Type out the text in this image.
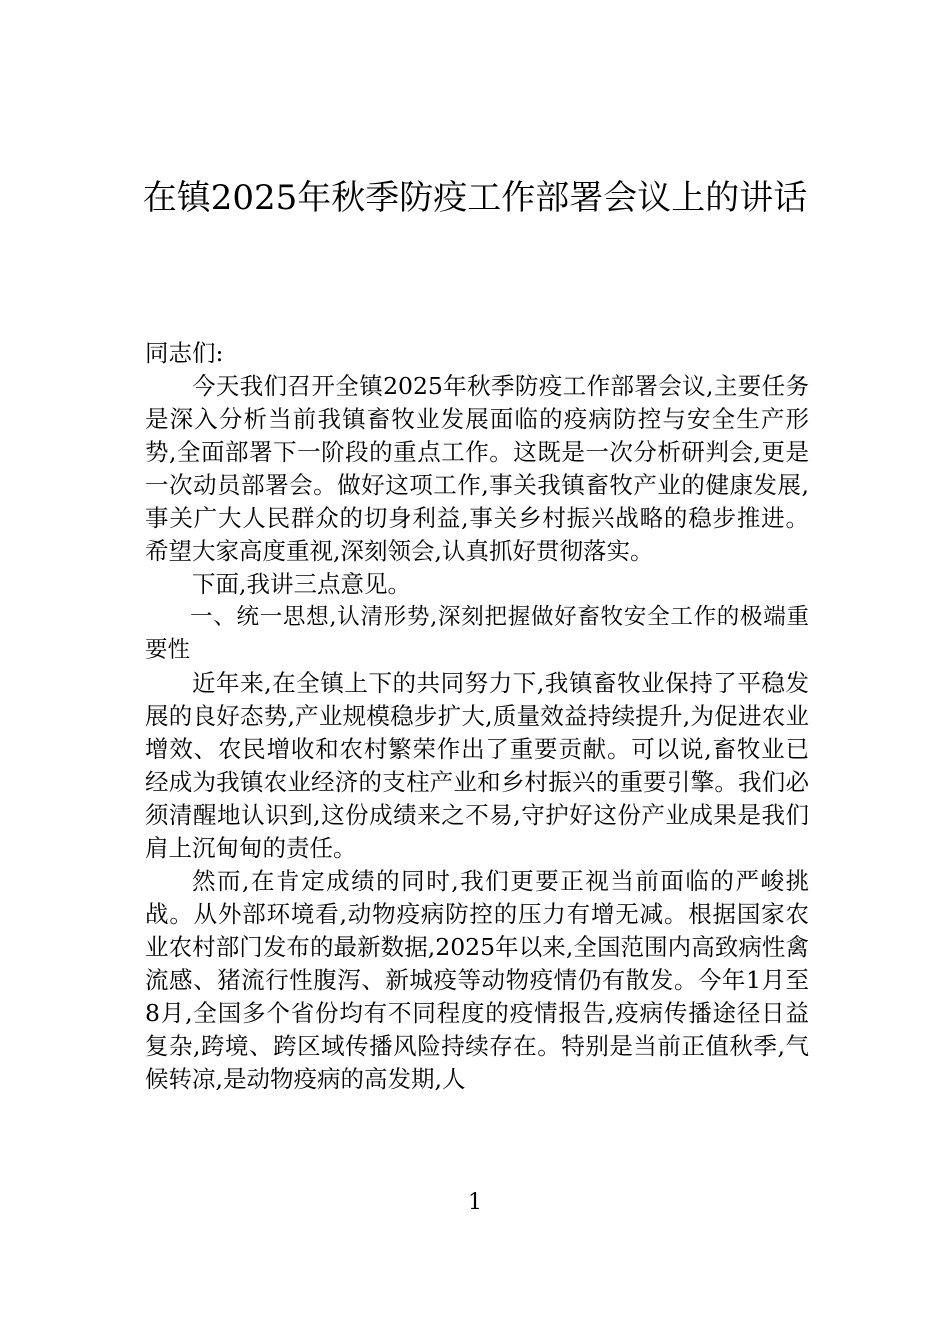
在镇2025年秋季防疫工作部署会议上的讲话

同志们:

今天我们召开全镇2025年秋季防疫工作部署会议,主要任务是深入分析当前我镇畜牧业发展面临的疫病防控与安全生产形势,全面部署下一阶段的重点工作。这既是一次分析研判会,更是一次动员部署会。做好这项工作,事关我镇畜牧产业的健康发展,事关广大人民群众的切身利益,事关乡村振兴战略的稳步推进。希望大家高度重视,深刻领会,认真抓好贯彻落实。

下面,我讲三点意见。

一、统一思想,认清形势,深刻把握做好畜牧安全工作的极端重要性

近年来,在全镇上下的共同努力下,我镇畜牧业保持了平稳发展的良好态势,产业规模稳步扩大,质量效益持续提升,为促进农业增效、农民增收和农村繁荣作出了重要贡献。可以说,畜牧业已经成为我镇农业经济的支柱产业和乡村振兴的重要引擎。我们必须清醒地认识到,这份成绩来之不易,守护好这份产业成果是我们肩上沉甸甸的责任。

然而,在肯定成绩的同时,我们更要正视当前面临的严峻挑战。从外部环境看,动物疫病防控的压力有增无减。根据国家农业农村部门发布的最新数据,2025年以来,全国范围内高致病性禽流感、猪流行性腹泻、新城疫等动物疫情仍有散发。今年1月至8月,全国多个省份均有不同程度的疫情报告,疫病传播途径日益复杂,跨境、跨区域传播风险持续存在。特别是当前正值秋季,气候转凉,是动物疫病的高发期,人

1
